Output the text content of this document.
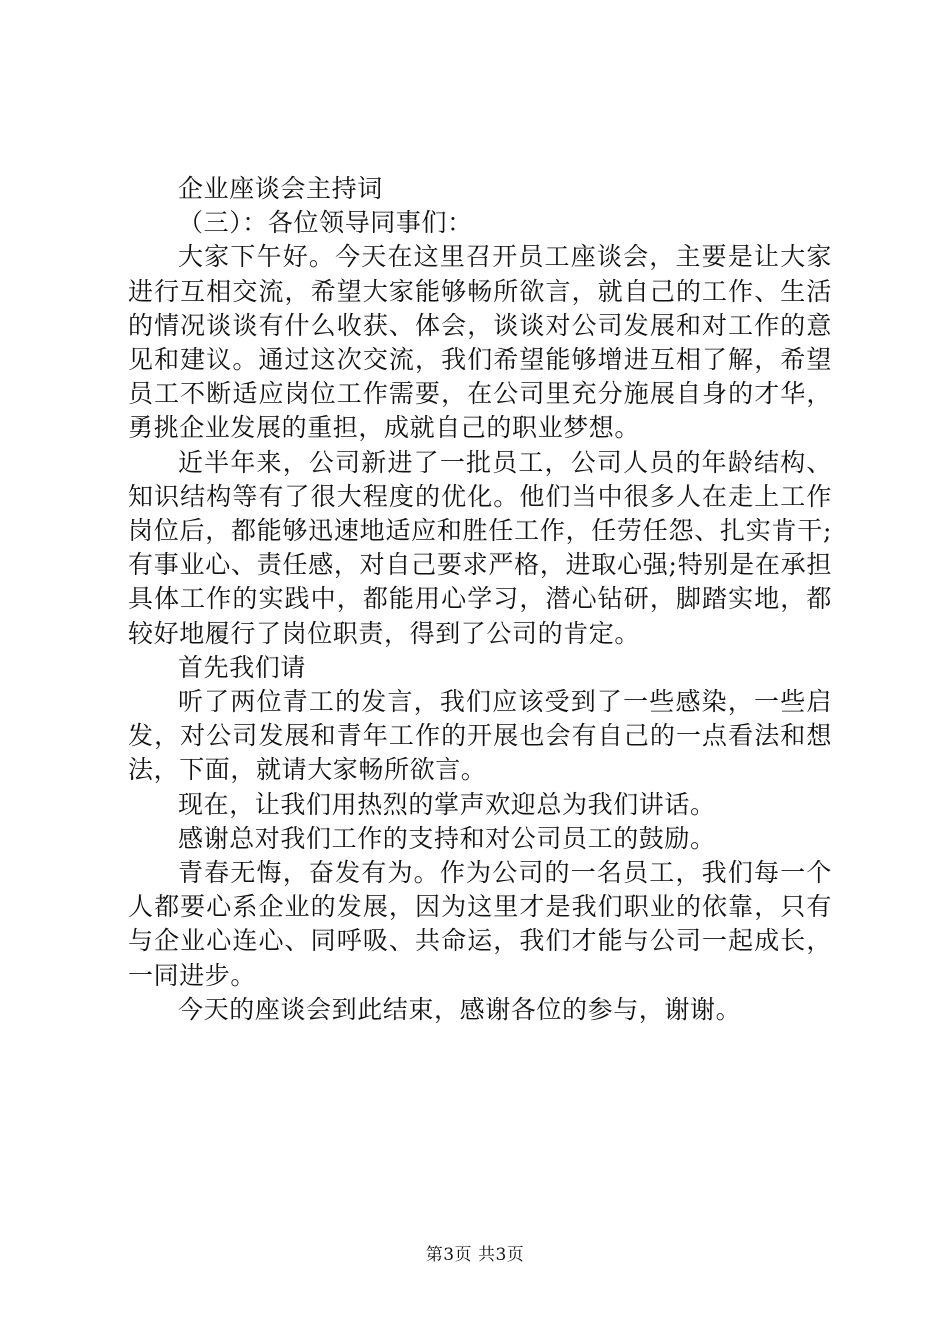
企业座谈会主持词

（三）：各位领导同事们：

大家下午好。今天在这里召开员工座谈会，主要是让大家进行互相交流，希望大家能够畅所欲言，就自己的工作、生活的情况谈谈有什么收获、体会，谈谈对公司发展和对工作的意见和建议。通过这次交流，我们希望能够增进互相了解，希望员工不断适应岗位工作需要，在公司里充分施展自身的才华，勇挑企业发展的重担，成就自己的职业梦想。

近半年来，公司新进了一批员工，公司人员的年龄结构、知识结构等有了很大程度的优化。他们当中很多人在走上工作岗位后，都能够迅速地适应和胜任工作，任劳任怨、扎实肯干;有事业心、责任感，对自己要求严格，进取心强;特别是在承担具体工作的实践中，都能用心学习，潜心钻研，脚踏实地，都较好地履行了岗位职责，得到了公司的肯定。

首先我们请

听了两位青工的发言，我们应该受到了一些感染，一些启发，对公司发展和青年工作的开展也会有自己的一点看法和想法，下面，就请大家畅所欲言。

现在，让我们用热烈的掌声欢迎总为我们讲话。

感谢总对我们工作的支持和对公司员工的鼓励。

青春无悔，奋发有为。作为公司的一名员工，我们每一个人都要心系企业的发展，因为这里才是我们职业的依靠，只有与企业心连心、同呼吸、共命运，我们才能与公司一起成长，一同进步。

今天的座谈会到此结束，感谢各位的参与，谢谢。

第3页 共3页
